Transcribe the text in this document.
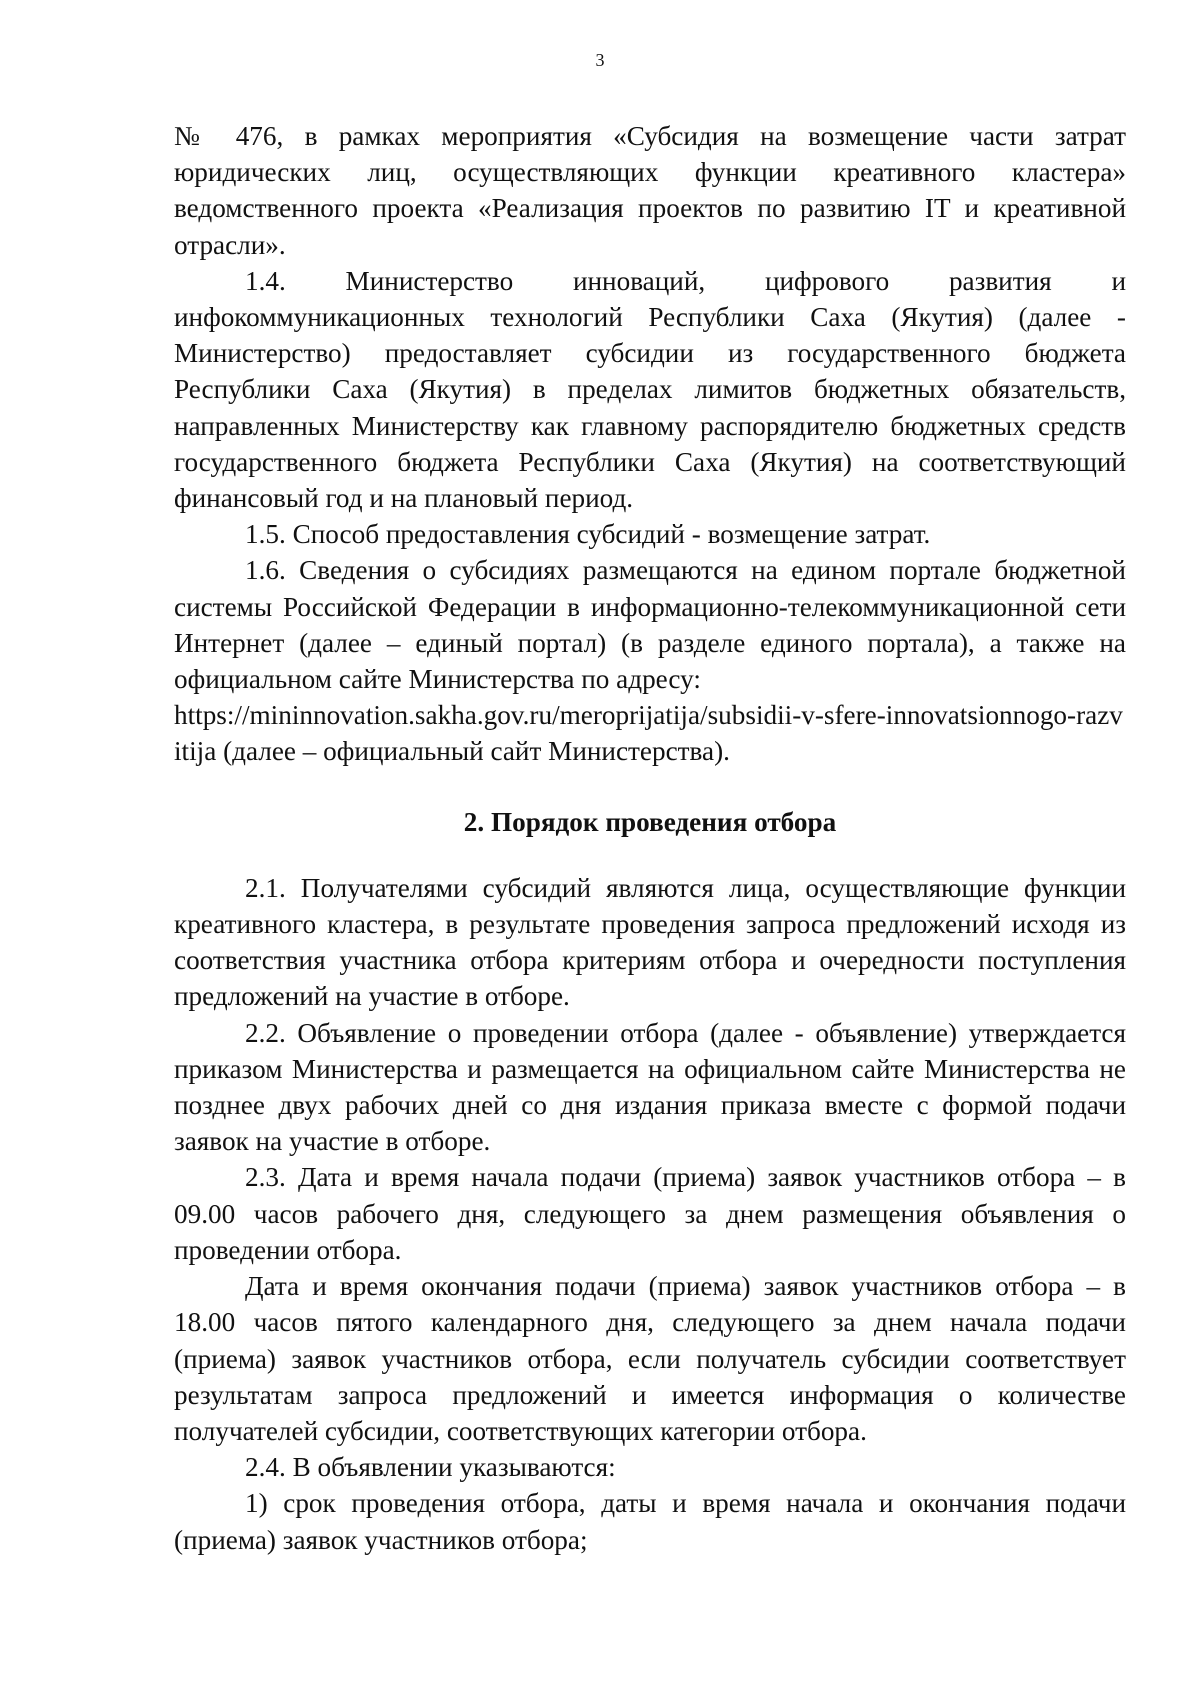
3

№ 476, в рамках мероприятия «Субсидия на возмещение части затрат юридических лиц, осуществляющих функции креативного кластера» ведомственного проекта «Реализация проектов по развитию IT и креативной отрасли».

1.4. Министерство инноваций, цифрового развития и инфокоммуникационных технологий Республики Саха (Якутия) (далее - Министерство) предоставляет субсидии из государственного бюджета Республики Саха (Якутия) в пределах лимитов бюджетных обязательств, направленных Министерству как главному распорядителю бюджетных средств государственного бюджета Республики Саха (Якутия) на соответствующий финансовый год и на плановый период.

1.5. Способ предоставления субсидий - возмещение затрат.

1.6. Сведения о субсидиях размещаются на едином портале бюджетной системы Российской Федерации в информационно-телекоммуникационной сети Интернет (далее – единый портал) (в разделе единого портала), а также на официальном сайте Министерства по адресу:

https://mininnovation.sakha.gov.ru/meroprijatija/subsidii-v-sfere-innovatsionnogo-razvitija (далее – официальный сайт Министерства).

2. Порядок проведения отбора

2.1. Получателями субсидий являются лица, осуществляющие функции креативного кластера, в результате проведения запроса предложений исходя из соответствия участника отбора критериям отбора и очередности поступления предложений на участие в отборе.

2.2. Объявление о проведении отбора (далее - объявление) утверждается приказом Министерства и размещается на официальном сайте Министерства не позднее двух рабочих дней со дня издания приказа вместе с формой подачи заявок на участие в отборе.

2.3. Дата и время начала подачи (приема) заявок участников отбора – в 09.00 часов рабочего дня, следующего за днем размещения объявления о проведении отбора.

Дата и время окончания подачи (приема) заявок участников отбора – в 18.00 часов пятого календарного дня, следующего за днем начала подачи (приема) заявок участников отбора, если получатель субсидии соответствует результатам запроса предложений и имеется информация о количестве получателей субсидии, соответствующих категории отбора.

2.4. В объявлении указываются:

1) срок проведения отбора, даты и время начала и окончания подачи (приема) заявок участников отбора;
